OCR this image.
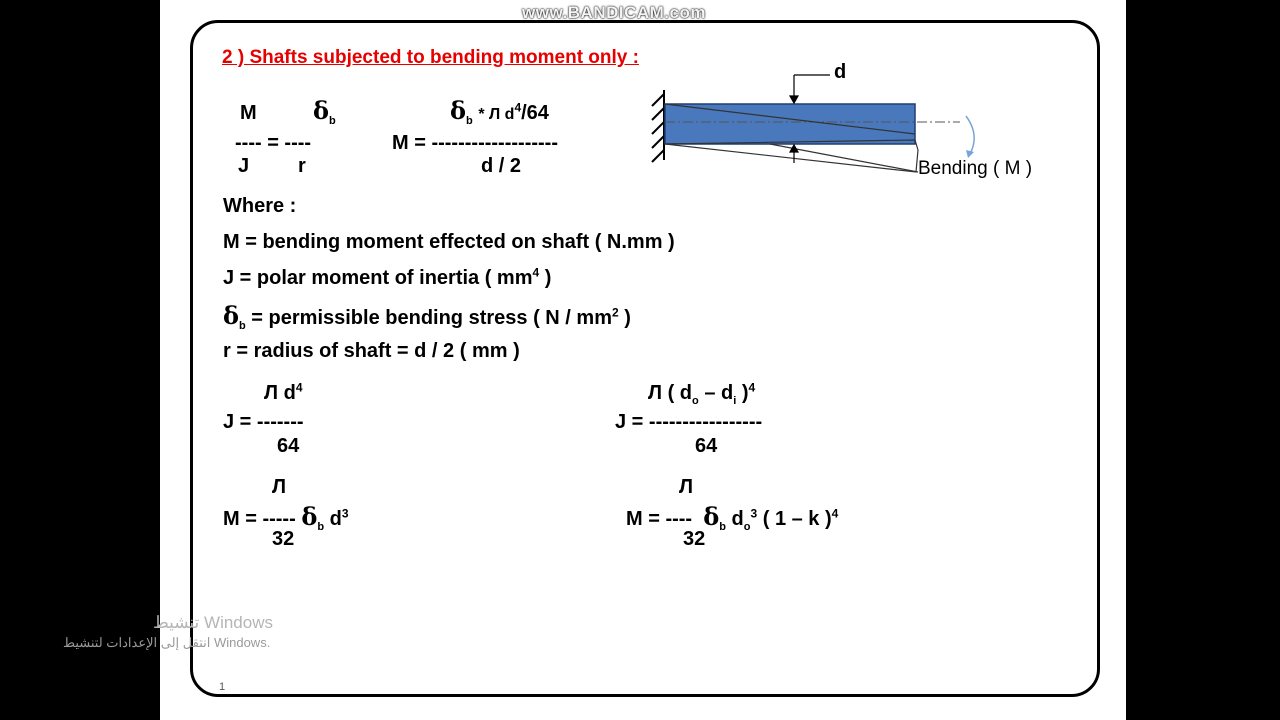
www.BANDICAM.com
2 ) Shafts subjected to bending moment only :
M $\delta_b$
---- = ----
J r
$\delta_b$ * Л $d^4/64$
M = -------------------
d / 2
d
Bending ( M )
Where :
M = bending moment effected on shaft ( N.mm )
J = polar moment of inertia ( $mm^4$ )
$\delta_b$ = permissible bending stress ( N / $mm^2$ )
r = radius of shaft = d / 2 ( mm )
Л $d^4$
J = -------
64
Л ( $d_o - d_i$ )$^4$
J = -----------------
64
Л
M = ----- $\delta_b$ $d^3$
32
Л
M = ---- $\delta_b$ $d_o^3$ ( 1 – k )$^4$
32
تنشيط Windows
انتقل إلى الإعدادات لتنشيط Windows.
1
